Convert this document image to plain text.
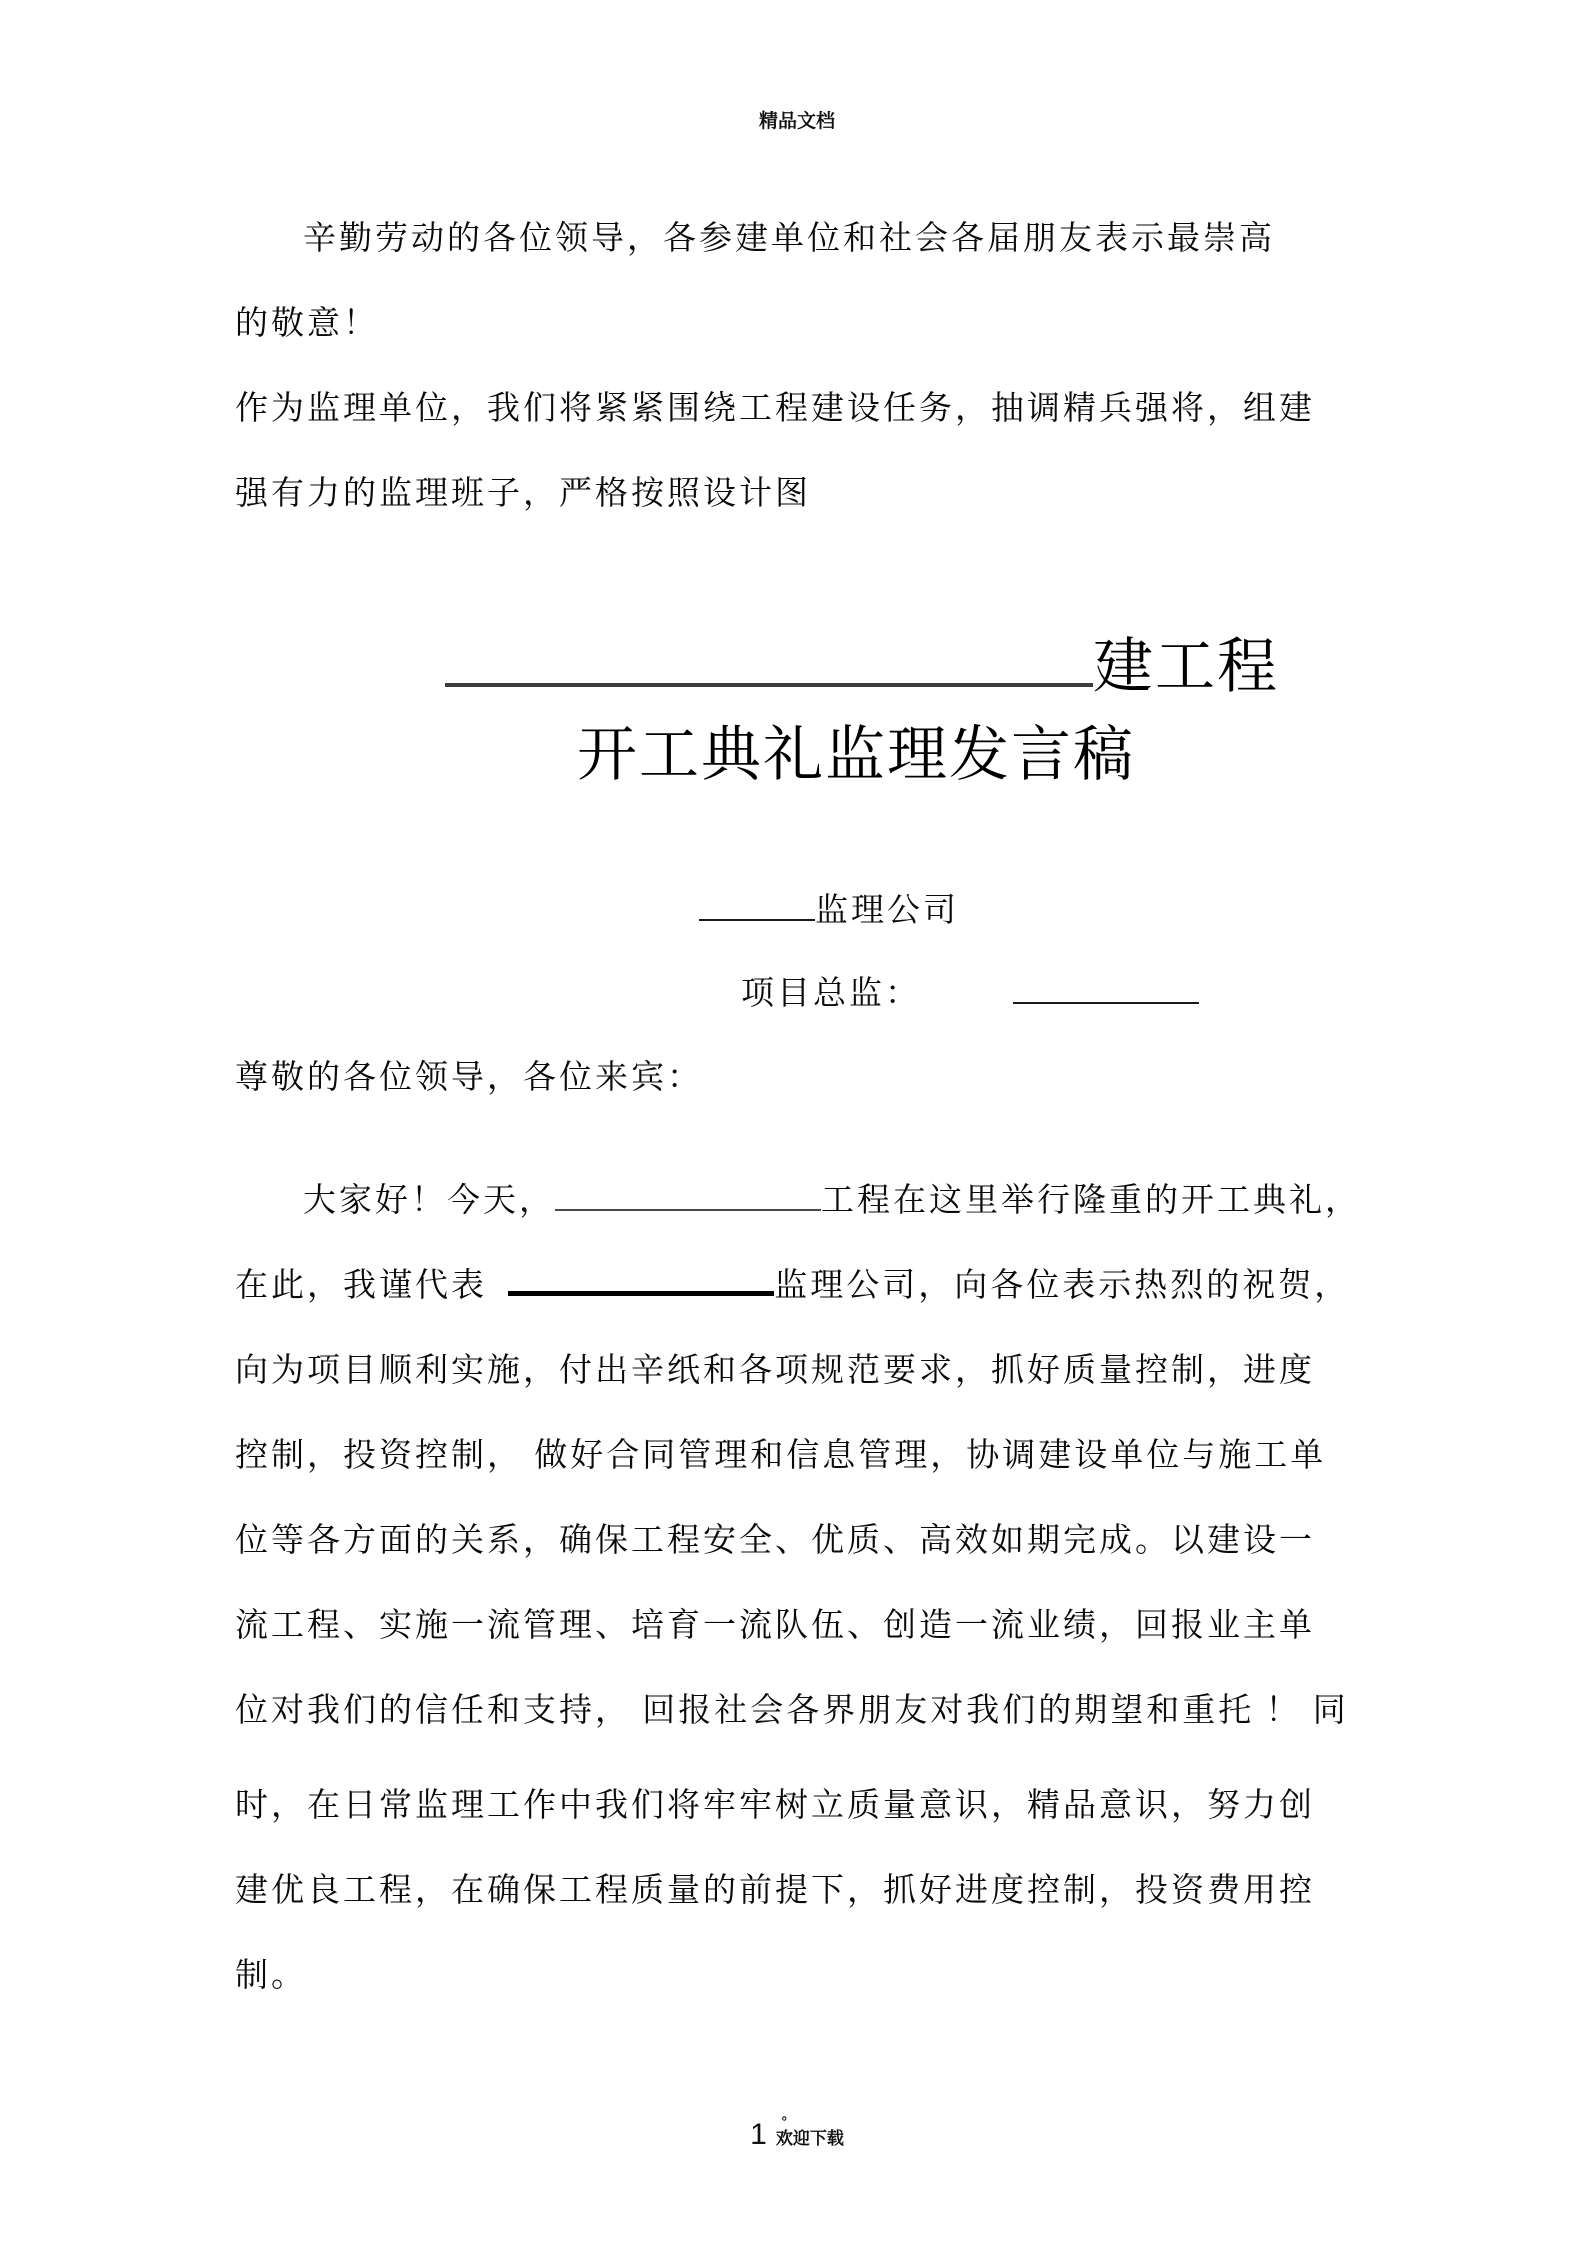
精品文档
辛勤劳动的各位领导，各参建单位和社会各届朋友表示最崇高
的敬意！
作为监理单位，我们将紧紧围绕工程建设任务，抽调精兵强将，组建
强有力的监理班子，严格按照设计图
建工程
开工典礼监理发言稿
监理公司
项目总监：
尊敬的各位领导，各位来宾：
大家好！今天，	工程在这里举行隆重的开工典礼，
在此，我谨代表	监理公司，向各位表示热烈的祝贺，
向为项目顺利实施，付出辛纸和各项规范要求，抓好质量控制，进度
控制，投资控制， 做好合同管理和信息管理，协调建设单位与施工单
位等各方面的关系，确保工程安全、优质、高效如期完成。以建设一
流工程、实施一流管理、培育一流队伍、创造一流业绩，回报业主单
位对我们的信任和支持， 回报社会各界朋友对我们的期望和重托 ！ 同
时，在日常监理工作中我们将牢牢树立质量意识，精品意识，努力创
建优良工程，在确保工程质量的前提下，抓好进度控制，投资费用控
制。
1
。
欢迎下载
